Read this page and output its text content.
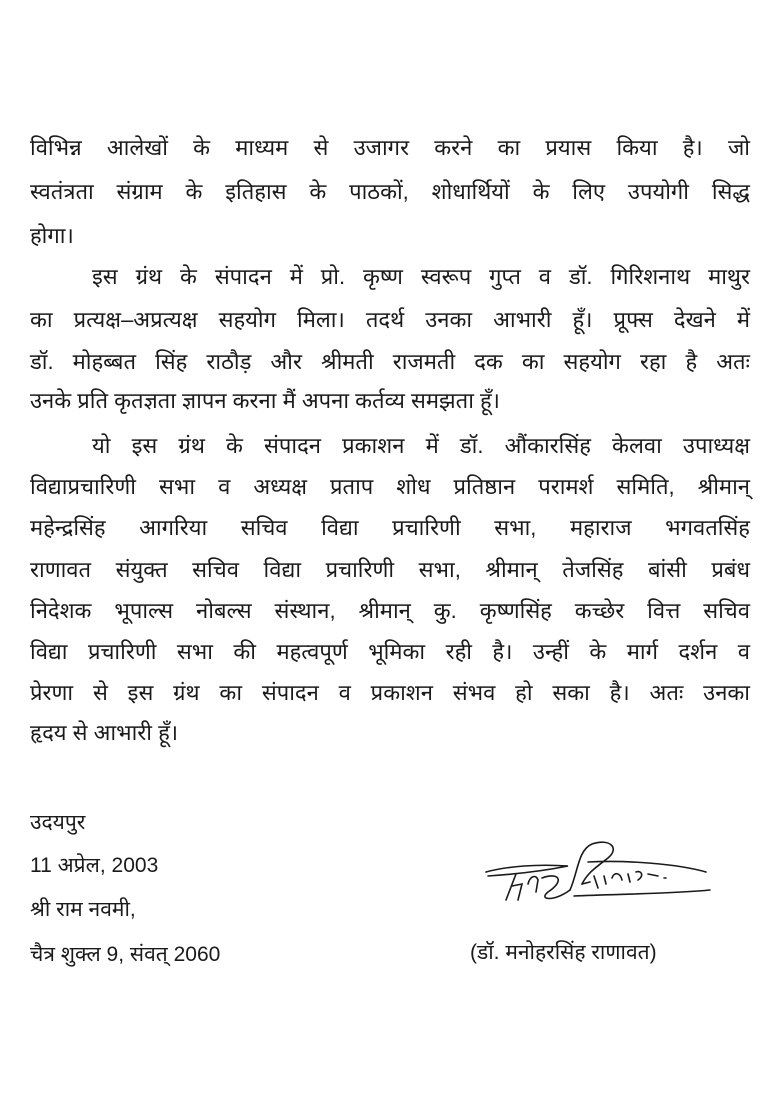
विभिन्न आलेखों के माध्यम से उजागर करने का प्रयास किया है। जो
स्वतंत्रता संग्राम के इतिहास के पाठकों, शोधार्थियों के लिए उपयोगी सिद्ध
होगा।
इस ग्रंथ के संपादन में प्रो. कृष्ण स्वरूप गुप्त व डॉ. गिरिशनाथ माथुर
का प्रत्यक्ष–अप्रत्यक्ष सहयोग मिला। तदर्थ उनका आभारी हूँ। प्रूफ्स देखने में
डॉ. मोहब्बत सिंह राठौड़ और श्रीमती राजमती दक का सहयोग रहा है अतः
उनके प्रति कृतज्ञता ज्ञापन करना मैं अपना कर्तव्य समझता हूँ।
यो इस ग्रंथ के संपादन प्रकाशन में डॉ. औंकारसिंह केलवा उपाध्यक्ष
विद्याप्रचारिणी सभा व अध्यक्ष प्रताप शोध प्रतिष्ठान परामर्श समिति, श्रीमान्
महेन्द्रसिंह आगरिया सचिव विद्या प्रचारिणी सभा, महाराज भगवतसिंह
राणावत संयुक्त सचिव विद्या प्रचारिणी सभा, श्रीमान् तेजसिंह बांसी प्रबंध
निदेशक भूपाल्स नोबल्स संस्थान, श्रीमान् कु. कृष्णसिंह कच्छेर वित्त सचिव
विद्या प्रचारिणी सभा की महत्वपूर्ण भूमिका रही है। उन्हीं के मार्ग दर्शन व
प्रेरणा से इस ग्रंथ का संपादन व प्रकाशन संभव हो सका है। अतः उनका
हृदय से आभारी हूँ।
उदयपुर
11 अप्रेल, 2003
श्री राम नवमी,
चैत्र शुक्ल 9, संवत् 2060	(डॉ. मनोहरसिंह राणावत)
